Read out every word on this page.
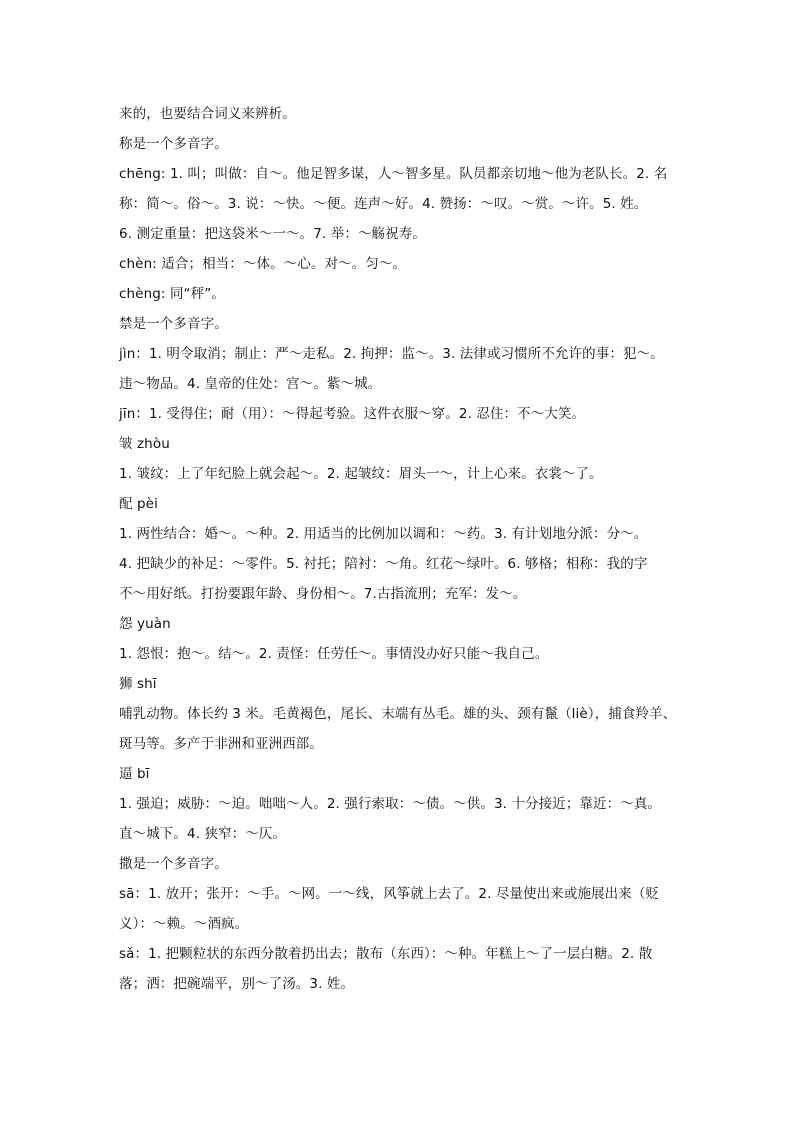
来的，也要结合词义来辨析。
称是一个多音字。
chēng: 1. 叫；叫做：自～。他足智多谋，人～智多星。队员都亲切地～他为老队长。2. 名
称：简～。俗～。3. 说：～快。～便。连声～好。4. 赞扬：～叹。～赏。～许。5. 姓。
6. 测定重量：把这袋米～一～。7. 举：～觞祝寿。
chèn: 适合；相当：～体。～心。对～。匀～。
chèng: 同“秤”。
禁是一个多音字。
jìn：1. 明令取消；制止：严～走私。2. 拘押：监～。3. 法律或习惯所不允许的事：犯～。
违～物品。4. 皇帝的住处：宫～。紫～城。
jīn：1. 受得住；耐（用）：～得起考验。这件衣服～穿。2. 忍住：不～大笑。
皱 zhòu
1. 皱纹：上了年纪脸上就会起～。2. 起皱纹：眉头一～，计上心来。衣裳～了。
配 pèi
1. 两性结合：婚～。～种。2. 用适当的比例加以调和：～药。3. 有计划地分派：分～。
4. 把缺少的补足：～零件。5. 衬托；陪衬：～角。红花～绿叶。6. 够格；相称：我的字
不～用好纸。打扮要跟年龄、身份相～。7.古指流刑；充军：发～。
怨 yuàn
1. 怨恨：抱～。结～。2. 责怪：任劳任～。事情没办好只能～我自己。
狮 shī
哺乳动物。体长约 3 米。毛黄褐色，尾长、末端有丛毛。雄的头、颈有鬣（liè），捕食羚羊、
斑马等。多产于非洲和亚洲西部。
逼 bī
1. 强迫；威胁：～迫。咄咄～人。2. 强行索取：～债。～供。3. 十分接近；靠近：～真。
直～城下。4. 狭窄：～仄。
撒是一个多音字。
sā：1. 放开；张开：～手。～网。一～线，风筝就上去了。2. 尽量使出来或施展出来（贬
义）：～赖。～酒疯。
sǎ：1. 把颗粒状的东西分散着扔出去；散布（东西）：～种。年糕上～了一层白糖。2. 散
落；洒：把碗端平，别～了汤。3. 姓。
